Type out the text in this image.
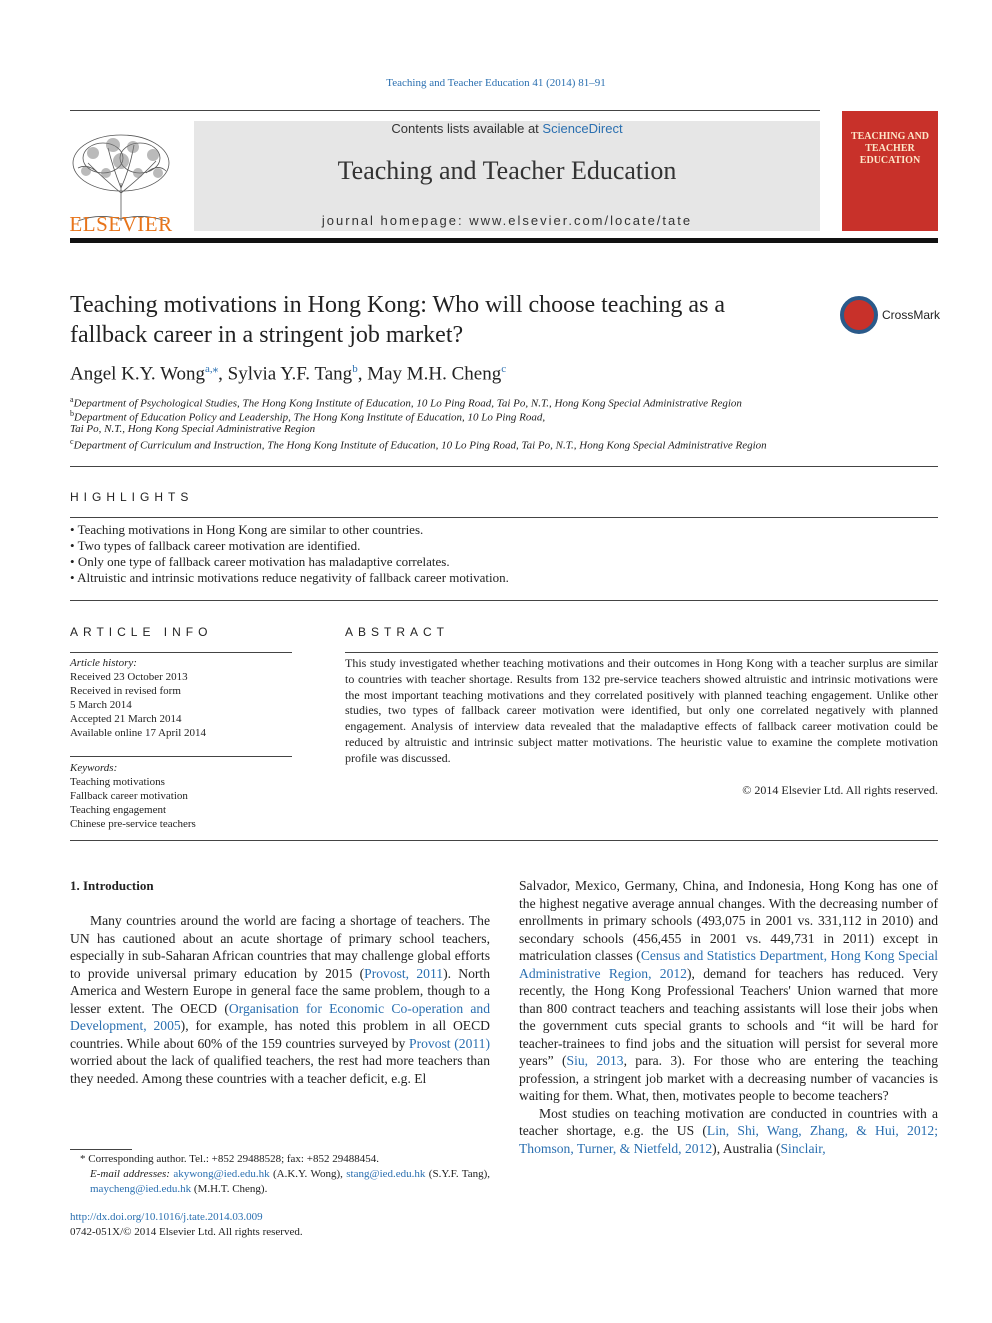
Teaching and Teacher Education 41 (2014) 81–91
ELSEVIER
Contents lists available at ScienceDirect
Teaching and Teacher Education
journal homepage: www.elsevier.com/locate/tate
TEACHING AND TEACHER EDUCATION
Teaching motivations in Hong Kong: Who will choose teaching as a
fallback career in a stringent job market?
CrossMark
Angel K.Y. Wong$^{a,⁎}$, Sylvia Y.F. Tang$^b$, May M.H. Cheng$^c$
$^a$Department of Psychological Studies, The Hong Kong Institute of Education, 10 Lo Ping Road, Tai Po, N.T., Hong Kong Special Administrative Region
$^b$Department of Education Policy and Leadership, The Hong Kong Institute of Education, 10 Lo Ping Road,
Tai Po, N.T., Hong Kong Special Administrative Region
$^c$Department of Curriculum and Instruction, The Hong Kong Institute of Education, 10 Lo Ping Road, Tai Po, N.T., Hong Kong Special Administrative Region
HIGHLIGHTS
• Teaching motivations in Hong Kong are similar to other countries.
• Two types of fallback career motivation are identified.
• Only one type of fallback career motivation has maladaptive correlates.
• Altruistic and intrinsic motivations reduce negativity of fallback career motivation.
ARTICLE INFO
Article history:
Received 23 October 2013
Received in revised form
5 March 2014
Accepted 21 March 2014
Available online 17 April 2014
Keywords:
Teaching motivations
Fallback career motivation
Teaching engagement
Chinese pre-service teachers
ABSTRACT
This study investigated whether teaching motivations and their outcomes in Hong Kong with a teacher surplus are similar to countries with teacher shortage. Results from 132 pre-service teachers showed altruistic and intrinsic motivations were the most important teaching motivations and they correlated positively with planned teaching engagement. Unlike other studies, two types of fallback career motivation were identified, but only one correlated negatively with planned engagement. Analysis of interview data revealed that the maladaptive effects of fallback career motivation could be reduced by altruistic and intrinsic subject matter motivations. The heuristic value to examine the complete motivation profile was discussed.
© 2014 Elsevier Ltd. All rights reserved.
1. Introduction
Many countries around the world are facing a shortage of teachers. The UN has cautioned about an acute shortage of primary school teachers, especially in sub-Saharan African countries that may challenge global efforts to provide universal primary education by 2015 (Provost, 2011). North America and Western Europe in general face the same problem, though to a lesser extent. The OECD (Organisation for Economic Co-operation and Development, 2005), for example, has noted this problem in all OECD countries. While about 60% of the 159 countries surveyed by Provost (2011) worried about the lack of qualified teachers, the rest had more teachers than they needed. Among these countries with a teacher deficit, e.g. El
Salvador, Mexico, Germany, China, and Indonesia, Hong Kong has one of the highest negative average annual changes. With the decreasing number of enrollments in primary schools (493,075 in 2001 vs. 331,112 in 2010) and secondary schools (456,455 in 2001 vs. 449,731 in 2011) except in matriculation classes (Census and Statistics Department, Hong Kong Special Administrative Region, 2012), demand for teachers has reduced. Very recently, the Hong Kong Professional Teachers' Union warned that more than 800 contract teachers and teaching assistants will lose their jobs when the government cuts special grants to schools and “it will be hard for teacher-trainees to find jobs and the situation will persist for several more years” (Siu, 2013, para. 3). For those who are entering the teaching profession, a stringent job market with a decreasing number of vacancies is waiting for them. What, then, motivates people to become teachers?
Most studies on teaching motivation are conducted in countries with a teacher shortage, e.g. the US (Lin, Shi, Wang, Zhang, & Hui, 2012; Thomson, Turner, & Nietfeld, 2012), Australia (Sinclair,
* Corresponding author. Tel.: +852 29488528; fax: +852 29488454.
E-mail addresses: akywong@ied.edu.hk (A.K.Y. Wong), stang@ied.edu.hk (S.Y.F. Tang), maycheng@ied.edu.hk (M.H.T. Cheng).
http://dx.doi.org/10.1016/j.tate.2014.03.009
0742-051X/© 2014 Elsevier Ltd. All rights reserved.
